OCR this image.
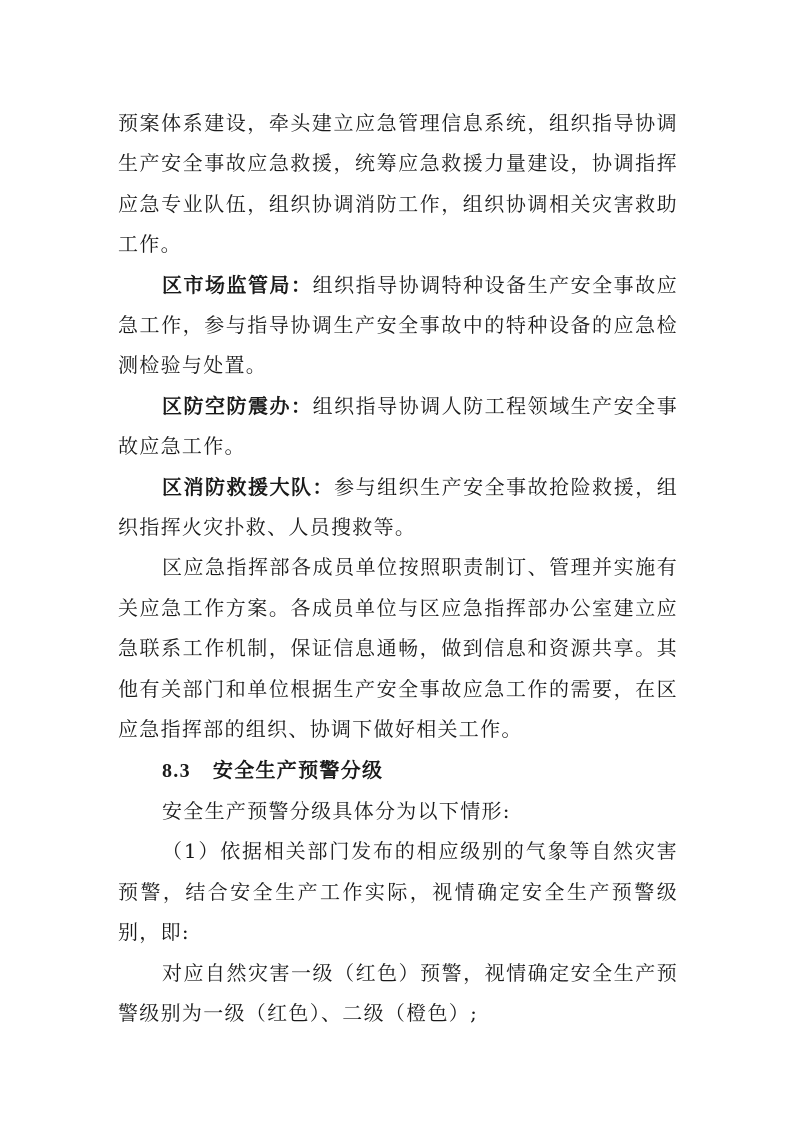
预案体系建设，牵头建立应急管理信息系统，组织指导协调生产安全事故应急救援，统筹应急救援力量建设，协调指挥应急专业队伍，组织协调消防工作，组织协调相关灾害救助工作。

区市场监管局：组织指导协调特种设备生产安全事故应急工作，参与指导协调生产安全事故中的特种设备的应急检测检验与处置。

区防空防震办：组织指导协调人防工程领域生产安全事故应急工作。

区消防救援大队：参与组织生产安全事故抢险救援，组织指挥火灾扑救、人员搜救等。

区应急指挥部各成员单位按照职责制订、管理并实施有关应急工作方案。各成员单位与区应急指挥部办公室建立应急联系工作机制，保证信息通畅，做到信息和资源共享。其他有关部门和单位根据生产安全事故应急工作的需要，在区应急指挥部的组织、协调下做好相关工作。

8.3 安全生产预警分级

安全生产预警分级具体分为以下情形:

（1）依据相关部门发布的相应级别的气象等自然灾害预警，结合安全生产工作实际，视情确定安全生产预警级别，即:

对应自然灾害一级（红色）预警，视情确定安全生产预警级别为一级（红色）、二级（橙色）;
